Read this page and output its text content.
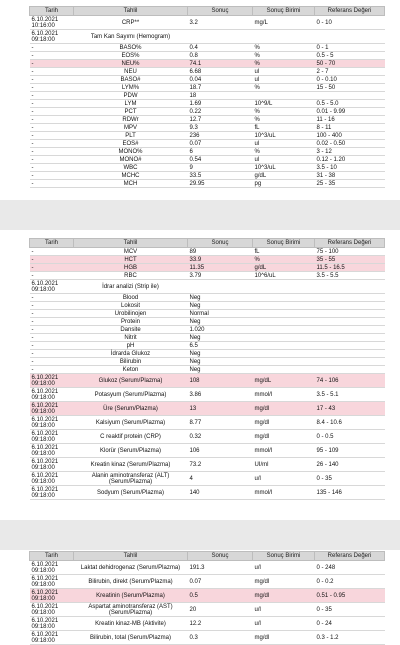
Tarih	Tahlil	Sonuç	Sonuç Birimi	Referans Değeri
6.10.2021 10:16:00	CRP**	3.2	mg/L	0 - 10
6.10.2021 09:18:00	Tam Kan Sayımı (Hemogram)			
-	BASO%	0.4	%	0 - 1
-	EOS%	0.8	%	0.5 - 5
-	NEU%	74.1	%	50 - 70
-	NEU	6.68	ul	2 - 7
-	BASO#	0.04	ul	0 - 0.10
-	LYM%	18.7	%	15 - 50
-	PDW	18		
-	LYM	1.69	10^9/L	0.5 - 5.0
-	PCT	0.22	%	0.01 - 9.99
-	RDWr	12.7	%	11 - 16
-	MPV	9.3	fL	8 - 11
-	PLT	236	10^3/uL	100 - 400
-	EOS#	0.07	ul	0.02 - 0.50
-	MONO%	6	%	3 - 12
-	MONO#	0.54	ul	0.12 - 1.20
-	WBC	9	10^3/uL	3.5 - 10
-	MCHC	33.5	g/dL	31 - 38
-	MCH	29.95	pg	25 - 35
Tarih	Tahlil	Sonuç	Sonuç Birimi	Referans Değeri
-	MCV	89	fL	75 - 100
-	HCT	33.9	%	35 - 55
-	HGB	11.35	g/dL	11.5 - 16.5
-	RBC	3.79	10^6/uL	3.5 - 5.5
6.10.2021 09:18:00	İdrar analizi (Strip ile)			
-	Blood	Neg		
-	Lokosit	Neg		
-	Urobilinojen	Normal		
-	Protein	Neg		
-	Dansite	1.020		
-	Nitrit	Neg		
-	pH	6.5		
-	İdrarda Glukoz	Neg		
-	Bilirubin	Neg		
-	Keton	Neg		
6.10.2021 09:18:00	Glukoz (Serum/Plazma)	108	mg/dL	74 - 106
6.10.2021 09:18:00	Potasyum (Serum/Plazma)	3.86	mmol/l	3.5 - 5.1
6.10.2021 09:18:00	Üre (Serum/Plazma)	13	mg/dl	17 - 43
6.10.2021 09:18:00	Kalsiyum (Serum/Plazma)	8.77	mg/dl	8.4 - 10.6
6.10.2021 09:18:00	C reaktif protein (CRP)	0.32	mg/dl	0 - 0.5
6.10.2021 09:18:00	Klorür (Serum/Plazma)	106	mmol/l	95 - 109
6.10.2021 09:18:00	Kreatin kinaz (Serum/Plazma)	73.2	UI/ml	26 - 140
6.10.2021 09:18:00	Alanin aminotransferaz (ALT) (Serum/Plazma)	4	u/l	0 - 35
6.10.2021 09:18:00	Sodyum (Serum/Plazma)	140	mmol/l	135 - 146
Tarih	Tahlil	Sonuç	Sonuç Birimi	Referans Değeri
6.10.2021 09:18:00	Laktat dehidrogenaz (Serum/Plazma)	191.3	u/l	0 - 248
6.10.2021 09:18:00	Bilirubin, direkt (Serum/Plazma)	0.07	mg/dl	0 - 0.2
6.10.2021 09:18:00	Kreatinin (Serum/Plazma)	0.5	mg/dl	0.51 - 0.95
6.10.2021 09:18:00	Aspartat aminotransferaz (AST) (Serum/Plazma)	20	u/l	0 - 35
6.10.2021 09:18:00	Kreatin kinaz-MB (Aktivite)	12.2	u/l	0 - 24
6.10.2021 09:18:00	Bilirubin, total (Serum/Plazma)	0.3	mg/dl	0.3 - 1.2
